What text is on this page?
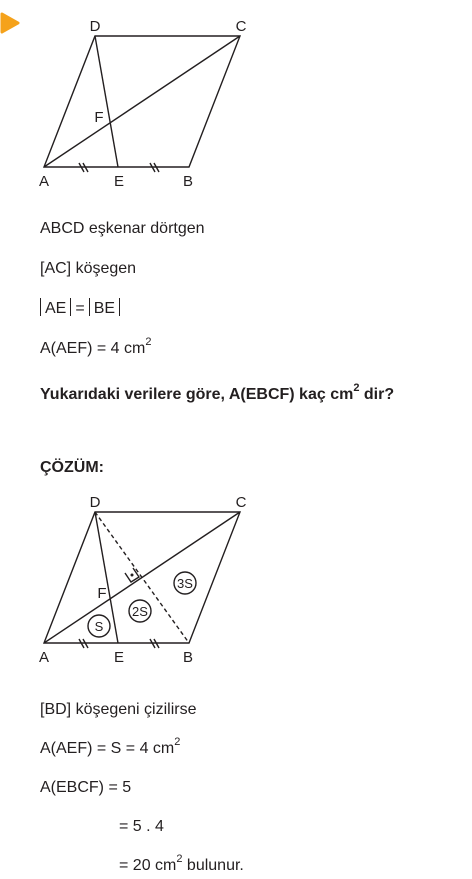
D	C
F
A	E	B
ABCD eşkenar dörtgen
[AC] köşegen
AE = BE
A(AEF) = 4 $cm^2$
Yukarıdaki verilere göre, A(EBCF) kaç $cm^2$ dir?
ÇÖZÜM:
D	C
F
A	E	B
S
2S
3S
[BD] köşegeni çizilirse
A(AEF) = S = 4 $cm^2$
A(EBCF) = 5
= 5 . 4
= 20 $cm^2$ bulunur.
